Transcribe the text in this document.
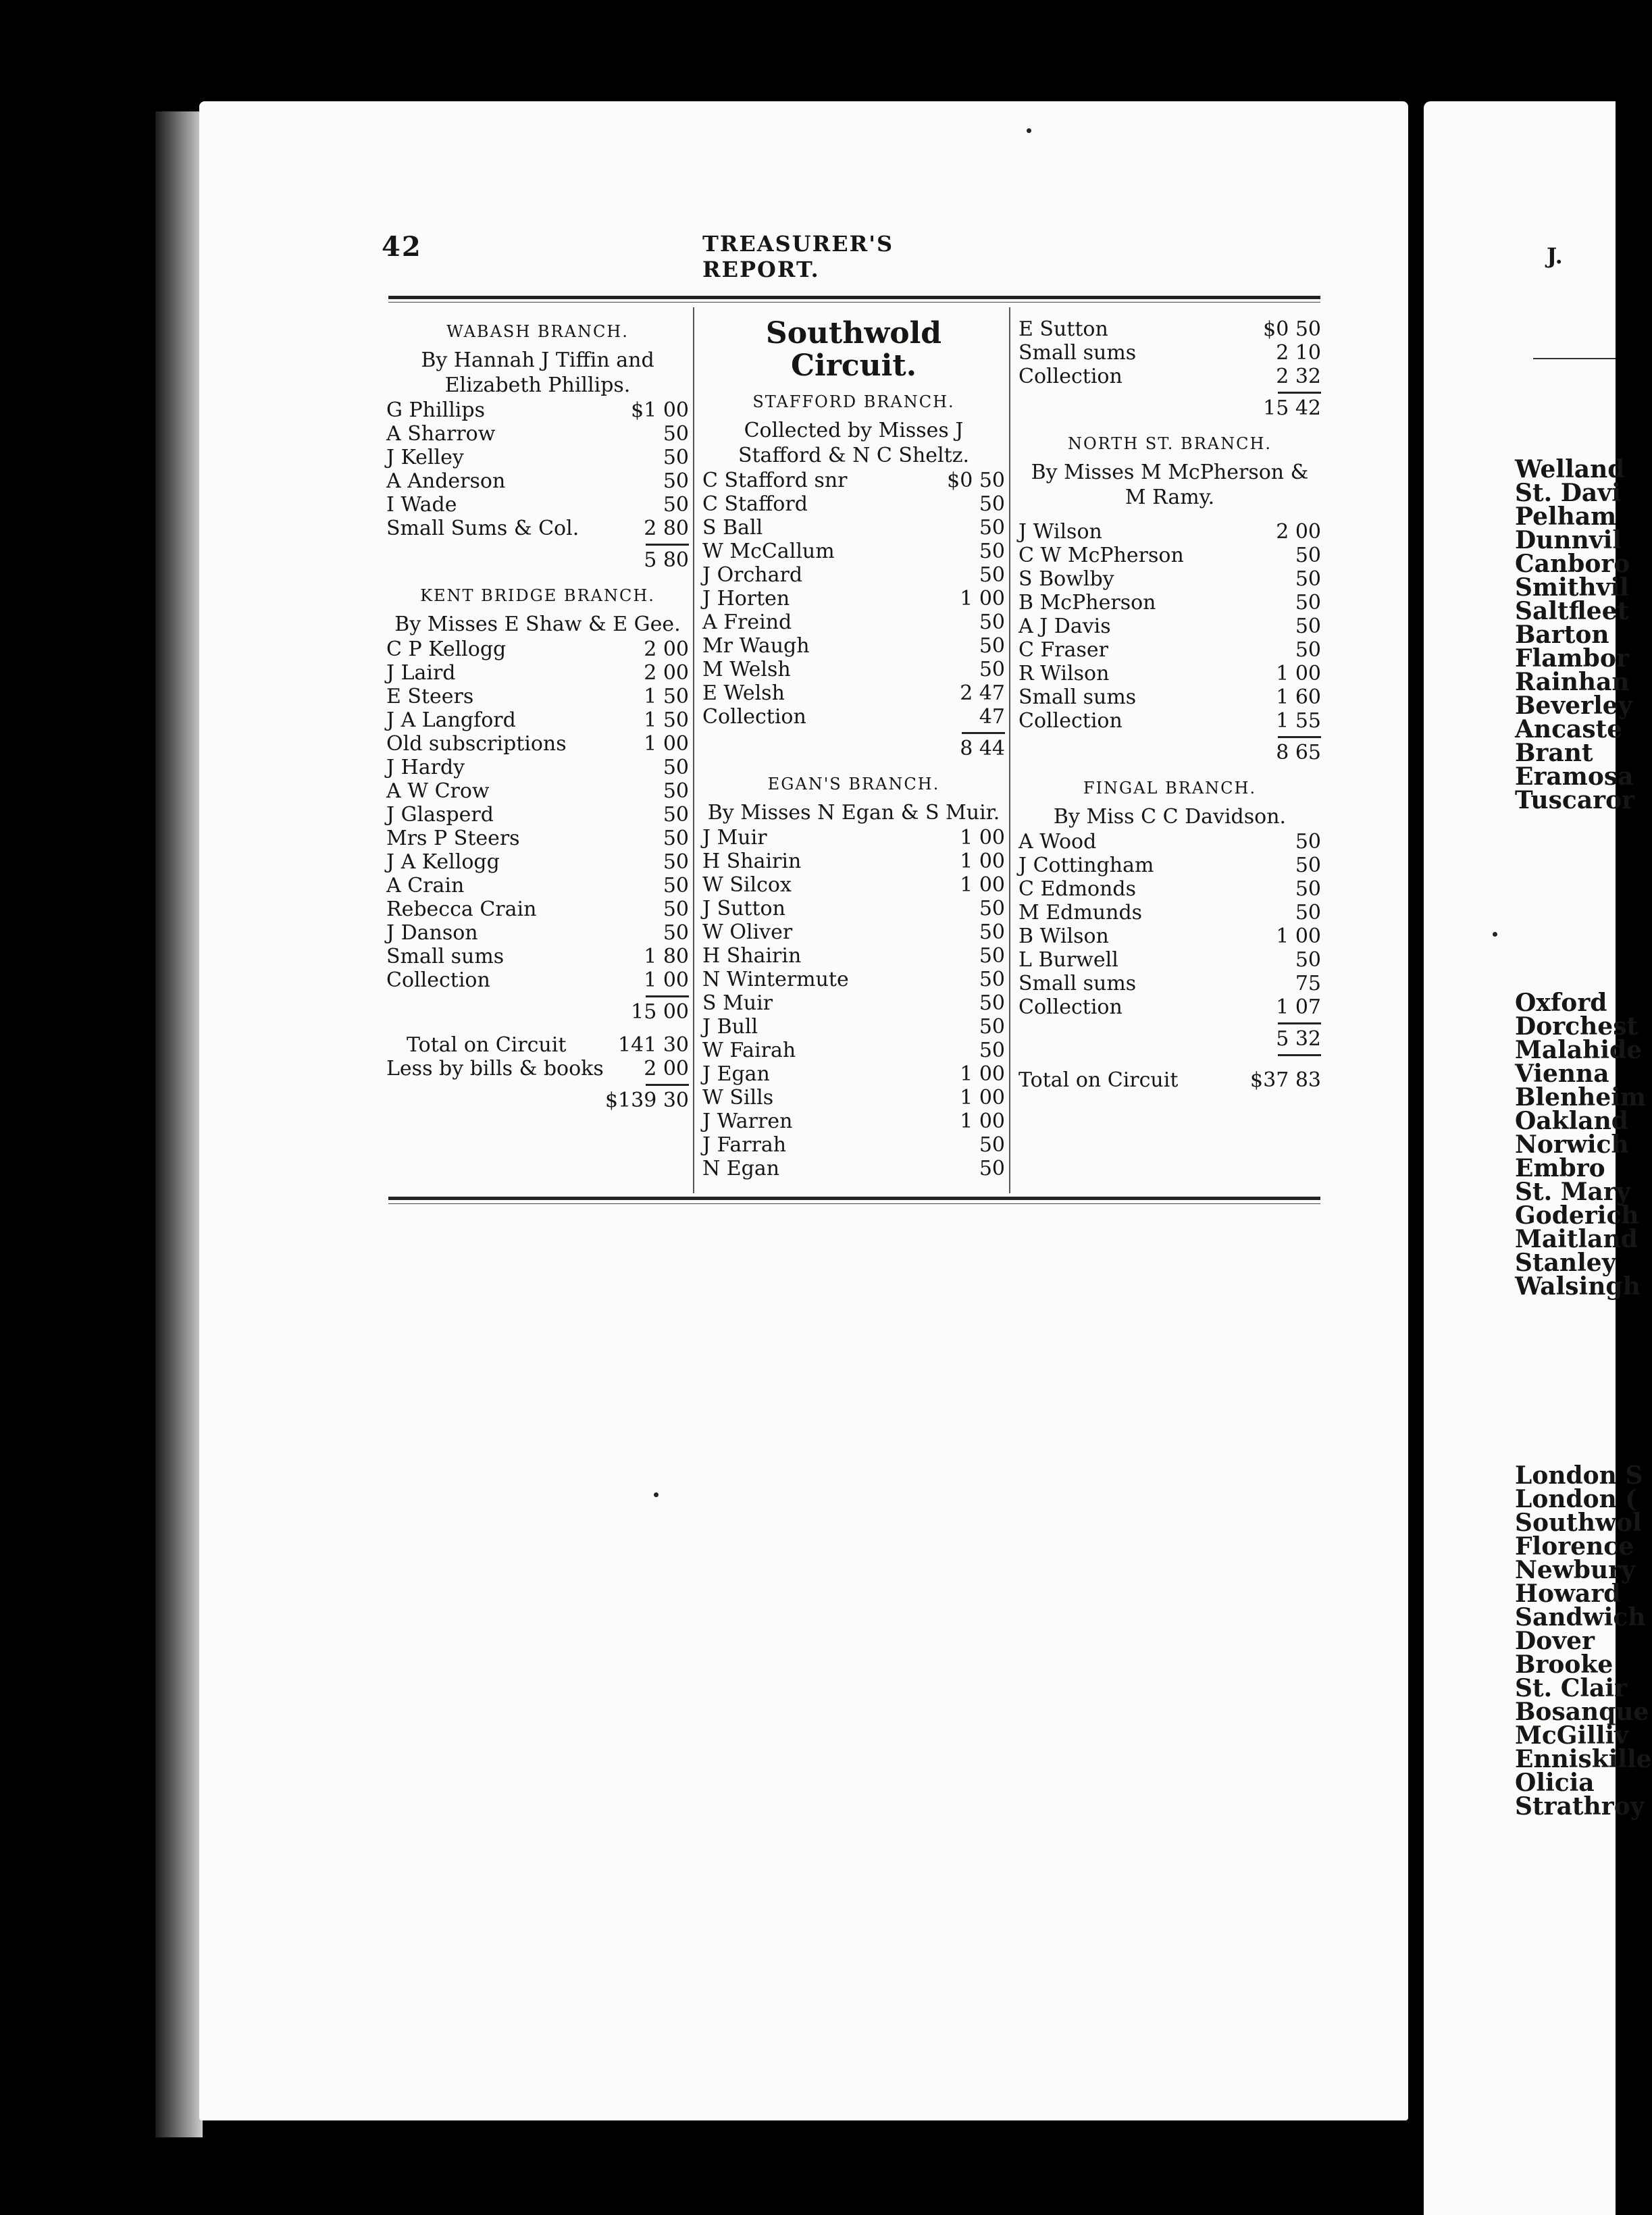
42	TREASURER'S REPORT.
WABASH BRANCH.
By Hannah J Tiffin and
Elizabeth Phillips.
G Phillips	$1 00
A Sharrow	50
J Kelley	50
A Anderson	50
I Wade	50
Small Sums & Col.	2 80
5 80
KENT BRIDGE BRANCH.
By Misses E Shaw & E Gee.
C P Kellogg	2 00
J Laird	2 00
E Steers	1 50
J A Langford	1 50
Old subscriptions	1 00
J Hardy	50
A W Crow	50
J Glasperd	50
Mrs P Steers	50
J A Kellogg	50
A Crain	50
Rebecca Crain	50
J Danson	50
Small sums	1 80
Collection	1 00
15 00
Total on Circuit	141 30
Less by bills & books 2 00
$139 30
Southwold Circuit.
STAFFORD BRANCH.
Collected by Misses J
Stafford & N C Sheltz.
C Stafford snr	$0 50
C Stafford	50
S Ball	50
W McCallum	50
J Orchard	50
J Horten	1 00
A Freind	50
Mr Waugh	50
M Welsh	50
E Welsh	2 47
Collection	47
8 44
EGAN'S BRANCH.
By Misses N Egan & S Muir.
J Muir	1 00
H Shairin	1 00
W Silcox	1 00
J Sutton	50
W Oliver	50
H Shairin	50
N Wintermute	50
S Muir	50
J Bull	50
W Fairah	50
J Egan	1 00
W Sills	1 00
J Warren	1 00
J Farrah	50
N Egan	50
E Sutton	$0 50
Small sums	2 10
Collection	2 32
15 42
NORTH ST. BRANCH.
By Misses M McPherson &
M Ramy.
J Wilson	2 00
C W McPherson	50
S Bowlby	50
B McPherson	50
A J Davis	50
C Fraser	50
R Wilson	1 00
Small sums	1 60
Collection	1 55
8 65
FINGAL BRANCH.
By Miss C C Davidson.
A Wood	50
J Cottingham	50
C Edmonds	50
M Edmunds	50
B Wilson	1 00
L Burwell	50
Small sums	75
Collection	1 07
5 32
Total on Circuit	$37 83
J.
Welland
St. Davi
Pelham
Dunnvil
Canboro
Smithvil
Saltfleet
Barton
Flambor
Rainhan
Beverley
Ancaste
Brant
Eramosa
Tuscaror
Oxford
Dorchest
Malahide
Vienna
Blenheim
Oakland
Norwich
Embro
St. Mary
Goderich
Maitland
Stanley
Walsingh
London S
London (
Southwol
Florence
Newbury
Howard
Sandwich
Dover
Brooke
St. Clair
Bosanque
McGilliv
Enniskille
Olicia
Strathroy
